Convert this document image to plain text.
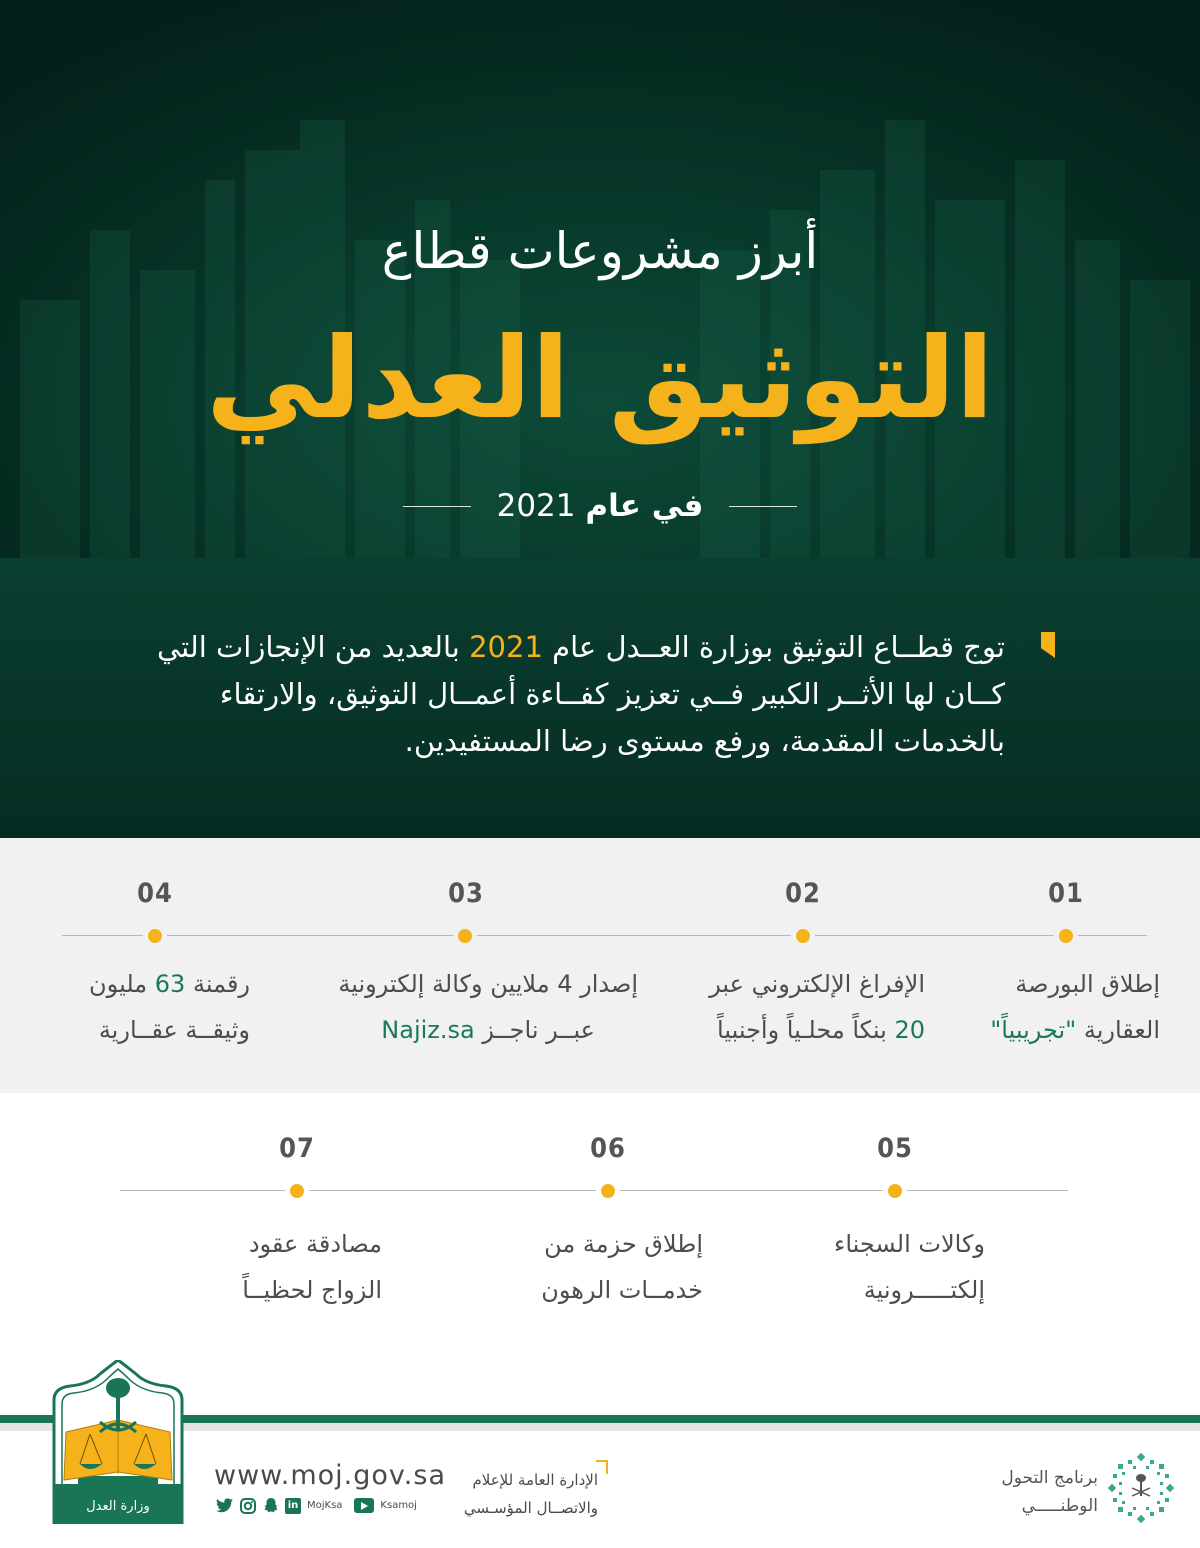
أبرز مشروعات قطاع
التوثيق العدلي
في عام 2021
توج قطــاع التوثيق بوزارة العــدل عام 2021 بالعديد من الإنجازات التي كــان لها الأثــر الكبير فــي تعزيز كفــاءة أعمــال التوثيق، والارتقاء بالخدمات المقدمة، ورفع مستوى رضا المستفيدين.
01
إطلاق البورصة
العقارية "تجريبياً"
02
الإفراغ الإلكتروني عبر
20 بنكاً محلـياً وأجنبياً
03
إصدار 4 ملايين وكالة إلكترونية
عبــر ناجــز Najiz.sa
04
رقمنة 63 مليون
وثيقــة عقــارية
05
وكالات السجناء
إلكتـــــرونية
06
إطلاق حزمة من
خدمــات الرهون
07
مصادقة عقود
الزواج لحظيــاً
وزارة العدل
www.moj.gov.sa
in MojKsa	Ksamoj
الإدارة العامة للإعلام
والاتصــال المؤسـسي
برنامج التحول
الوطنـــــي
